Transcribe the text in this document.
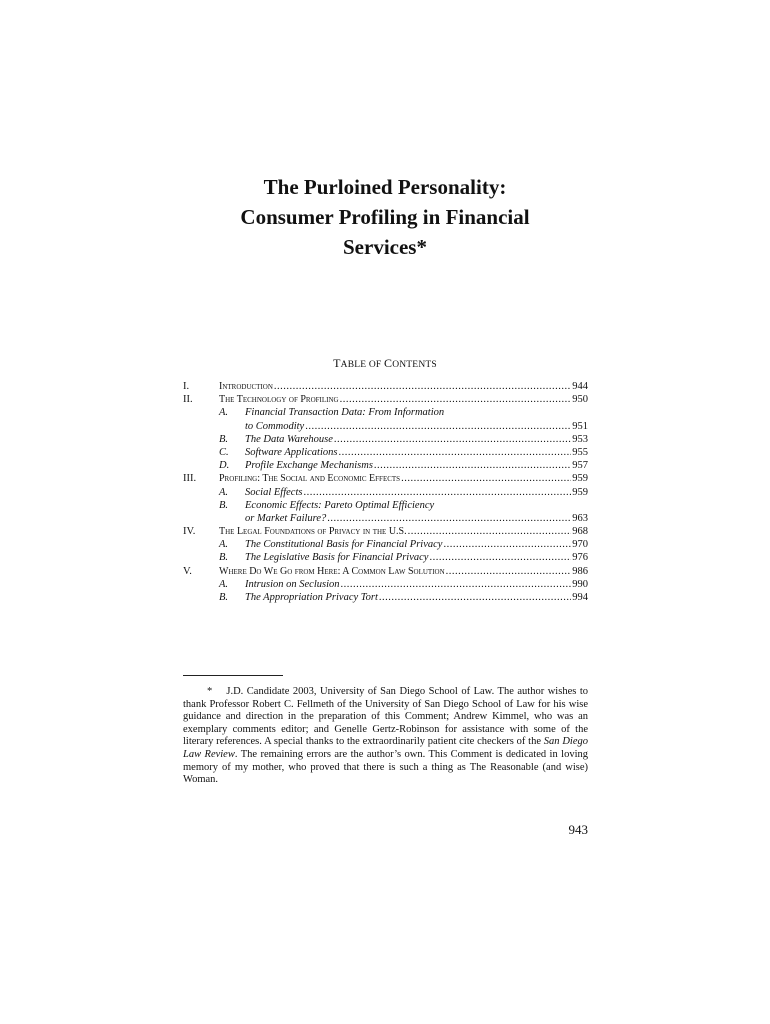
The Purloined Personality:
Consumer Profiling in Financial
Services*
TABLE OF CONTENTS
I.	Introduction .....	944
II.	The Technology of Profiling .....	950
A.	Financial Transaction Data: From Information
to Commodity .....	951
B.	The Data Warehouse .....	953
C.	Software Applications .....	955
D.	Profile Exchange Mechanisms .....	957
III.	Profiling: The Social and Economic Effects .....	959
A.	Social Effects .....	959
B.	Economic Effects: Pareto Optimal Efficiency
or Market Failure? .....	963
IV.	The Legal Foundations of Privacy in the U.S. .....	968
A.	The Constitutional Basis for Financial Privacy .....	970
B.	The Legislative Basis for Financial Privacy .....	976
V.	Where Do We Go from Here: A Common Law Solution .....	986
A.	Intrusion on Seclusion .....	990
B.	The Appropriation Privacy Tort .....	994
* J.D. Candidate 2003, University of San Diego School of Law. The author wishes to thank Professor Robert C. Fellmeth of the University of San Diego School of Law for his wise guidance and direction in the preparation of this Comment; Andrew Kimmel, who was an exemplary comments editor; and Genelle Gertz-Robinson for assistance with some of the literary references. A special thanks to the extraordinarily patient cite checkers of the San Diego Law Review. The remaining errors are the author’s own. This Comment is dedicated in loving memory of my mother, who proved that there is such a thing as The Reasonable (and wise) Woman.
943
